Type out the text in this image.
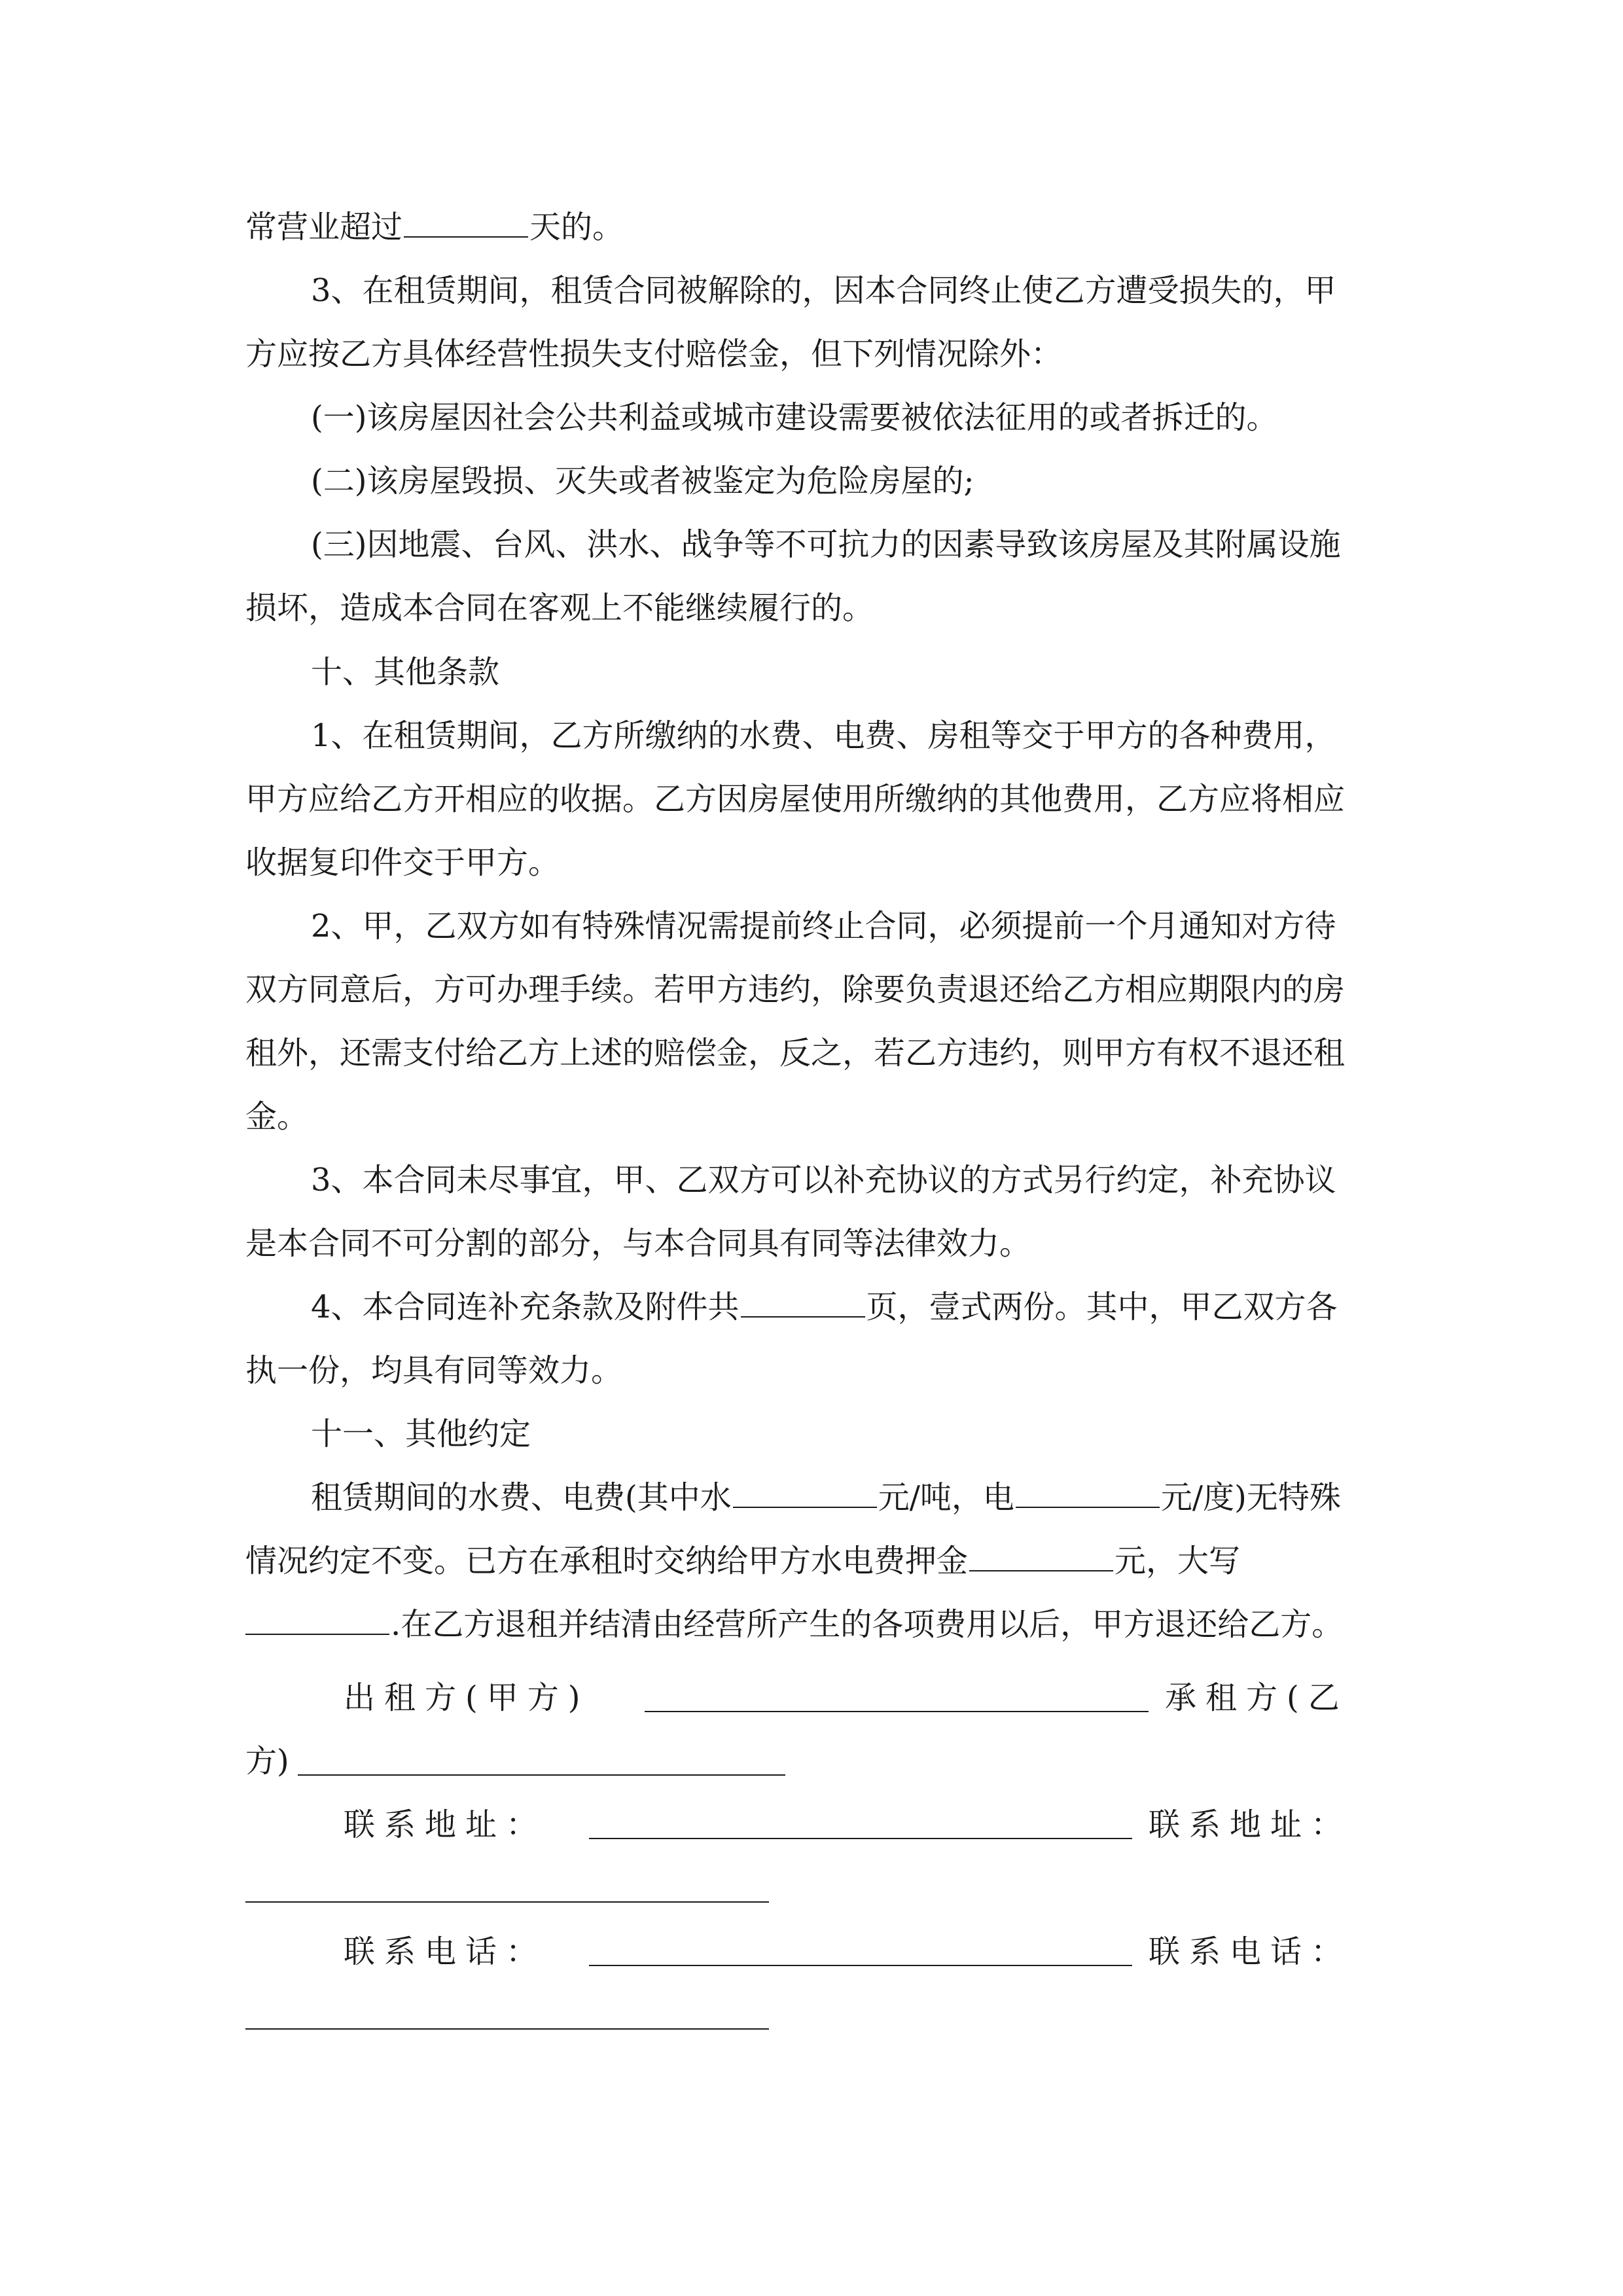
常营业超过	天的。
3、在租赁期间，租赁合同被解除的，因本合同终止使乙方遭受损失的，甲
方应按乙方具体经营性损失支付赔偿金，但下列情况除外：
(一)该房屋因社会公共利益或城市建设需要被依法征用的或者拆迁的。
(二)该房屋毁损、灭失或者被鉴定为危险房屋的;
(三)因地震、台风、洪水、战争等不可抗力的因素导致该房屋及其附属设施
损坏，造成本合同在客观上不能继续履行的。
十、其他条款
1、在租赁期间，乙方所缴纳的水费、电费、房租等交于甲方的各种费用，
甲方应给乙方开相应的收据。乙方因房屋使用所缴纳的其他费用，乙方应将相应
收据复印件交于甲方。
2、甲，乙双方如有特殊情况需提前终止合同，必须提前一个月通知对方待
双方同意后，方可办理手续。若甲方违约，除要负责退还给乙方相应期限内的房
租外，还需支付给乙方上述的赔偿金，反之，若乙方违约，则甲方有权不退还租
金。
3、本合同未尽事宜，甲、乙双方可以补充协议的方式另行约定，补充协议
是本合同不可分割的部分，与本合同具有同等法律效力。
4、本合同连补充条款及附件共	页，壹式两份。其中，甲乙双方各
执一份，均具有同等效力。
十一、其他约定
租赁期间的水费、电费(其中水	元/吨，电	元/度)无特殊
情况约定不变。已方在承租时交纳给甲方水电费押金	元，大写
.在乙方退租并结清由经营所产生的各项费用以后，甲方退还给乙方。
出租方(甲方)	承租方(乙
方)
联系地址：	联系地址：
联系电话：	联系电话：
